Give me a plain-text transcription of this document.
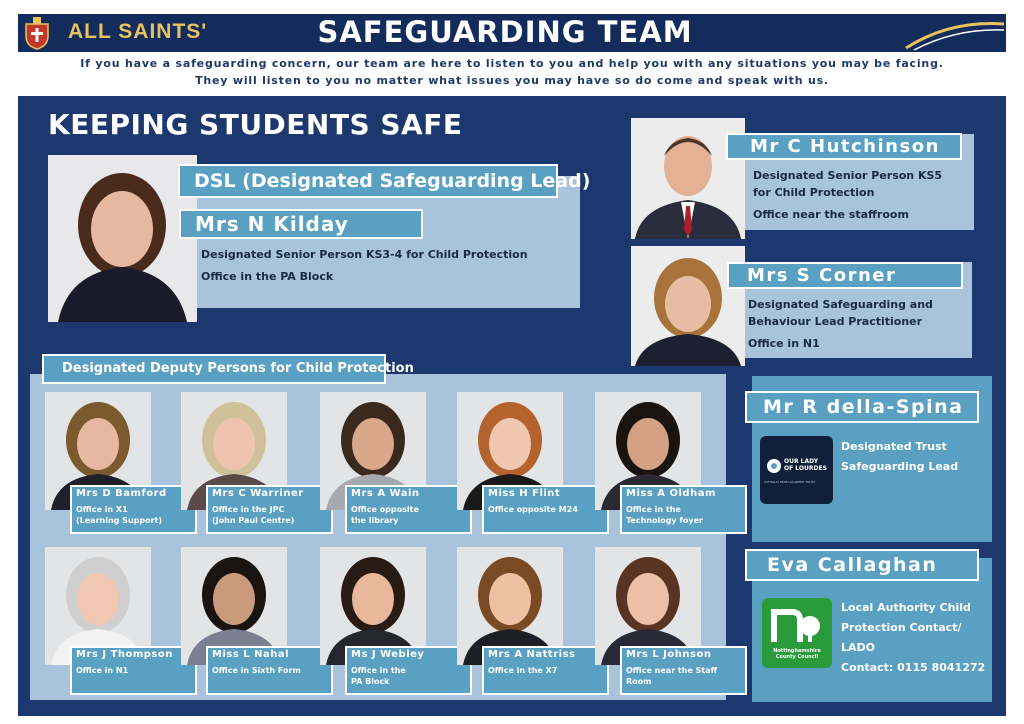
ALL SAINTS'	SAFEGUARDING TEAM
If you have a safeguarding concern, our team are here to listen to you and help you with any situations you may be facing.
They will listen to you no matter what issues you may have so do come and speak with us.
KEEPING STUDENTS SAFE
DSL (Designated Safeguarding Lead)
Mrs N Kilday
Designated Senior Person KS3-4 for Child Protection
Office in the PA Block
Mr C Hutchinson
Designated Senior Person KS5
for Child Protection
Office near the staffroom
Mrs S Corner
Designated Safeguarding and
Behaviour Lead Practitioner
Office in N1
Designated Deputy Persons for Child Protection
Mrs D Bamford
Office in X1
(Learning Support)
Mrs C Warriner
Office in the JPC
(John Paul Centre)
Mrs A Wain
Office opposite
the library
Miss H Flint
Office opposite M24
Miss A Oldham
Office in the
Technology foyer
Mrs J Thompson
Office in N1
Miss L Nahal
Office in Sixth Form
Ms J Webley
Office in the
PA Block
Mrs A Nattriss
Office in the X7
Mrs L Johnson
Office near the Staff
Room
Mr R della-Spina
OUR LADY
OF LOURDES
CATHOLIC MULTI-ACADEMY TRUST
Designated Trust
Safeguarding Lead
Eva Callaghan
Nottinghamshire
County Council
Local Authority Child
Protection Contact/
LADO
Contact: 0115 8041272
